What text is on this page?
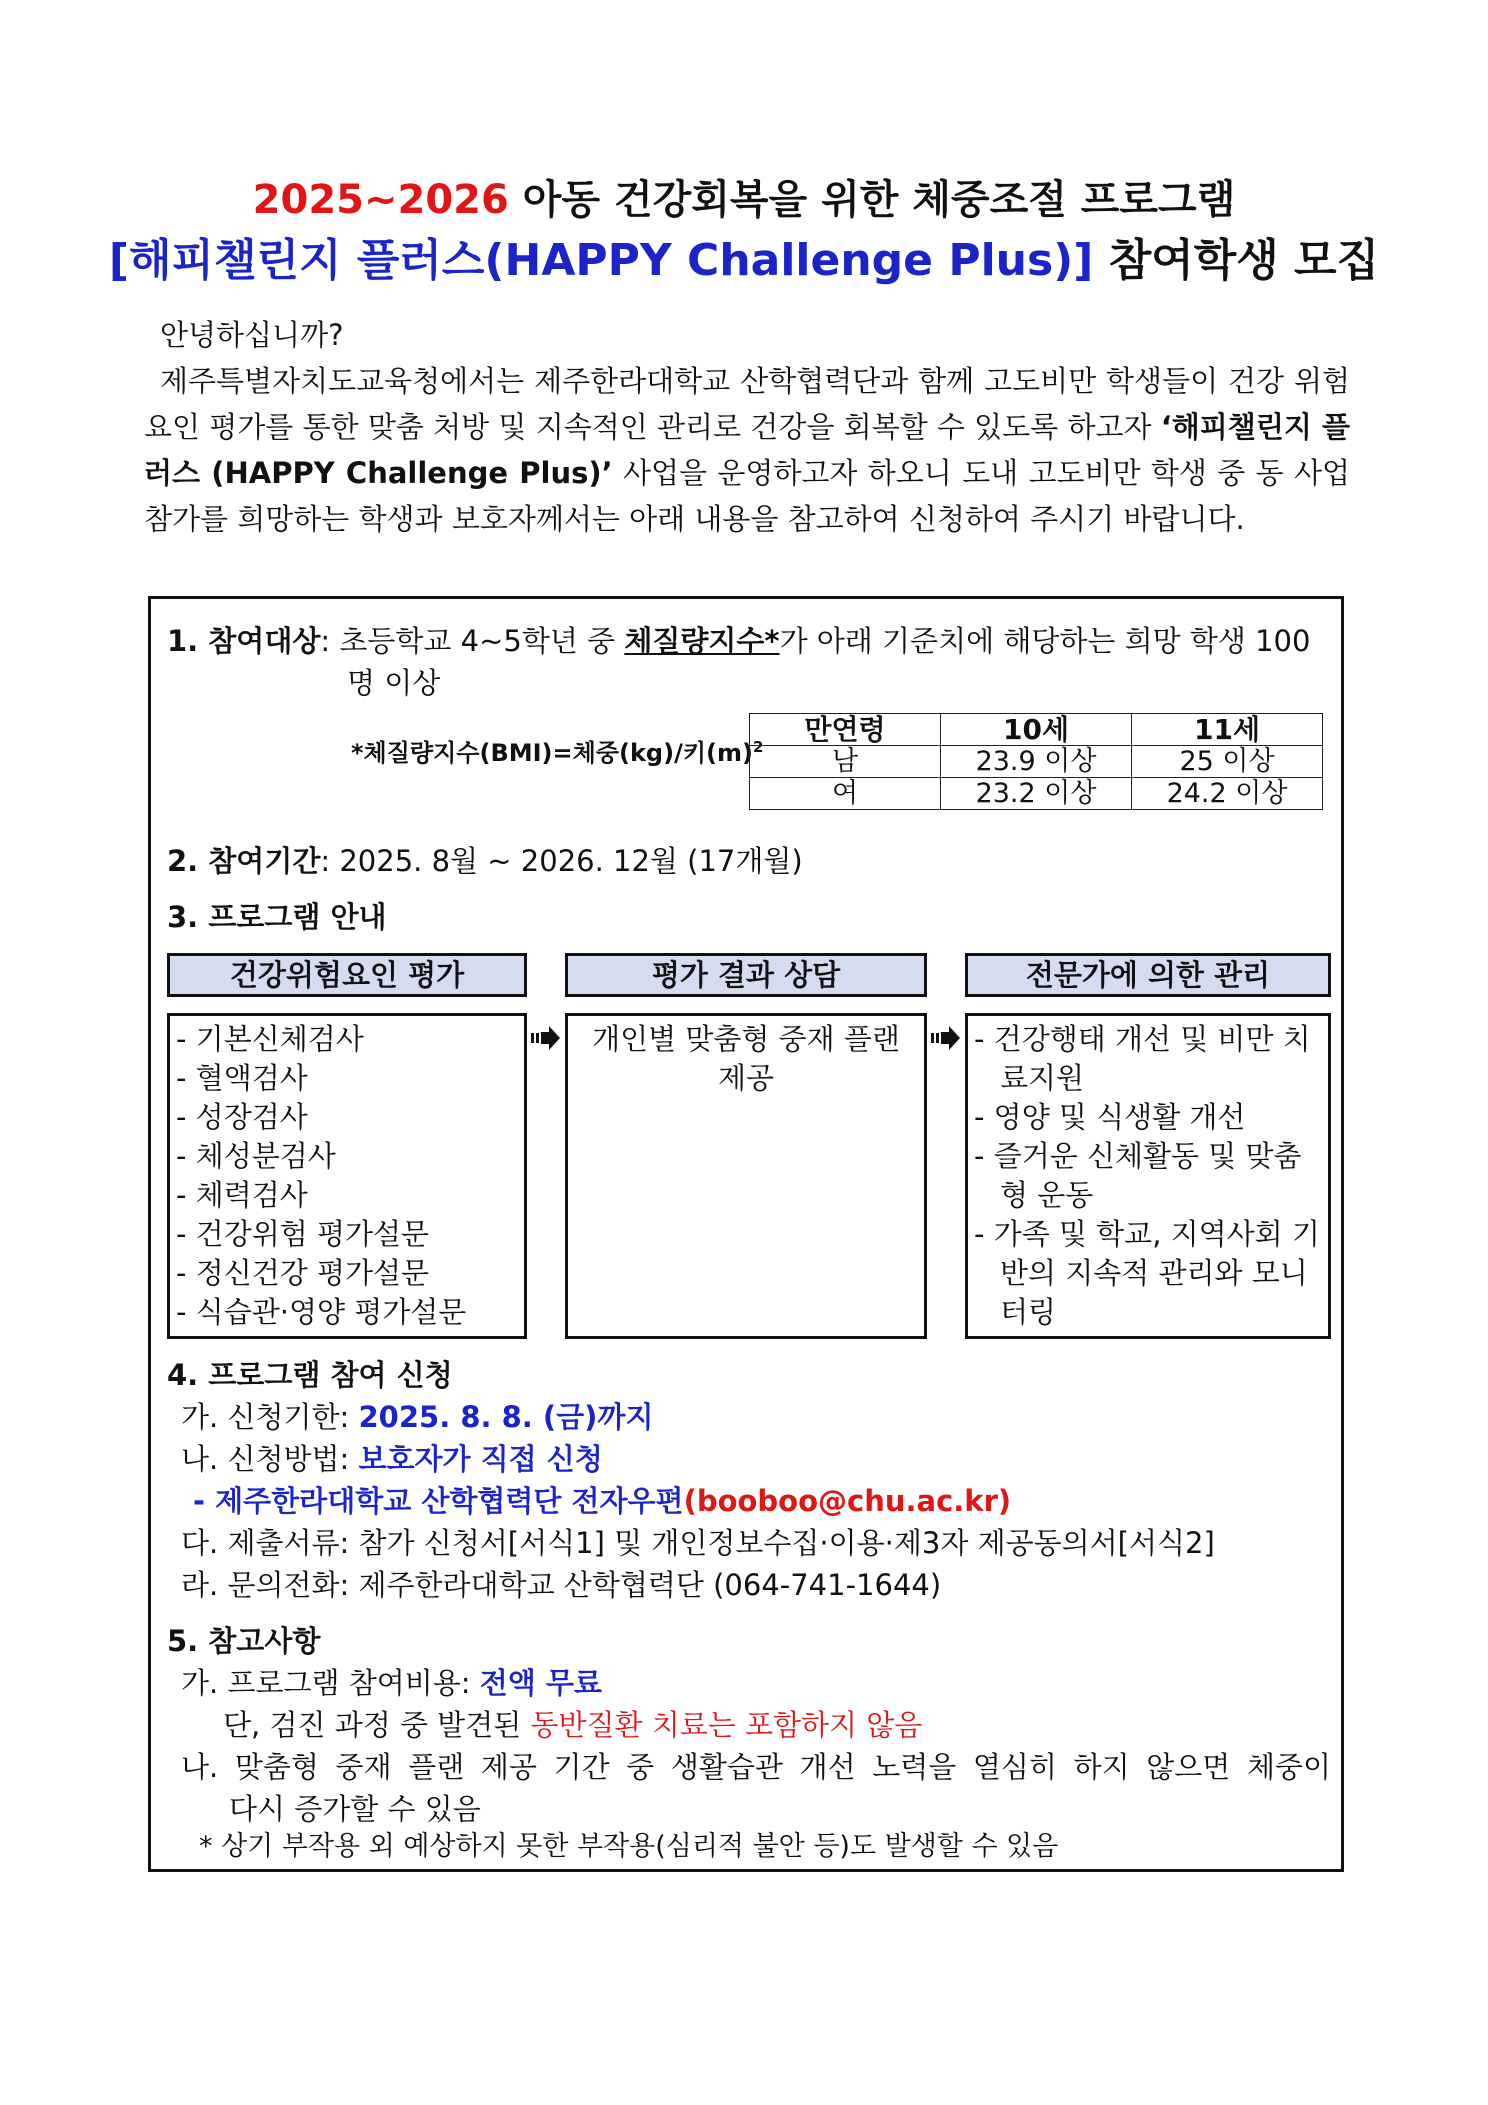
2025~2026 아동 건강회복을 위한 체중조절 프로그램
[해피챌린지 플러스(HAPPY Challenge Plus)] 참여학생 모집

안녕하십니까?

제주특별자치도교육청에서는 제주한라대학교 산학협력단과 함께 고도비만 학생들이 건강 위험요인 평가를 통한 맞춤 처방 및 지속적인 관리로 건강을 회복할 수 있도록 하고자 ‘해피챌린지 플러스 (HAPPY Challenge Plus)’ 사업을 운영하고자 하오니 도내 고도비만 학생 중 동 사업 참가를 희망하는 학생과 보호자께서는 아래 내용을 참고하여 신청하여 주시기 바랍니다.

1. 참여대상: 초등학교 4~5학년 중 체질량지수*가 아래 기준치에 해당하는 희망 학생 100
명 이상
*체질량지수(BMI)=체중(kg)/키$(m)^2$
만연령	10세	11세
남	23.9 이상	25 이상
여	23.2 이상	24.2 이상
2. 참여기간: 2025. 8월 ~ 2026. 12월 (17개월)
3. 프로그램 안내
건강위험요인 평가	평가 결과 상담	전문가에 의한 관리
- 기본신체검사
- 혈액검사
- 성장검사
- 체성분검사
- 체력검사
- 건강위험 평가설문
- 정신건강 평가설문
- 식습관·영양 평가설문
개인별 맞춤형 중재 플랜
제공
- 건강행태 개선 및 비만 치료지원
- 영양 및 식생활 개선
- 즐거운 신체활동 및 맞춤형 운동
- 가족 및 학교, 지역사회 기반의 지속적 관리와 모니터링
4. 프로그램 참여 신청
가. 신청기한: 2025. 8. 8. (금)까지
나. 신청방법: 보호자가 직접 신청
- 제주한라대학교 산학협력단 전자우편(booboo@chu.ac.kr)
다. 제출서류: 참가 신청서[서식1] 및 개인정보수집·이용·제3자 제공동의서[서식2]
라. 문의전화: 제주한라대학교 산학협력단 (064-741-1644)
5. 참고사항
가. 프로그램 참여비용: 전액 무료
단, 검진 과정 중 발견된 동반질환 치료는 포함하지 않음
나. 맞춤형 중재 플랜 제공 기간 중 생활습관 개선 노력을 열심히 하지 않으면 체중이
다시 증가할 수 있음
* 상기 부작용 외 예상하지 못한 부작용(심리적 불안 등)도 발생할 수 있음
